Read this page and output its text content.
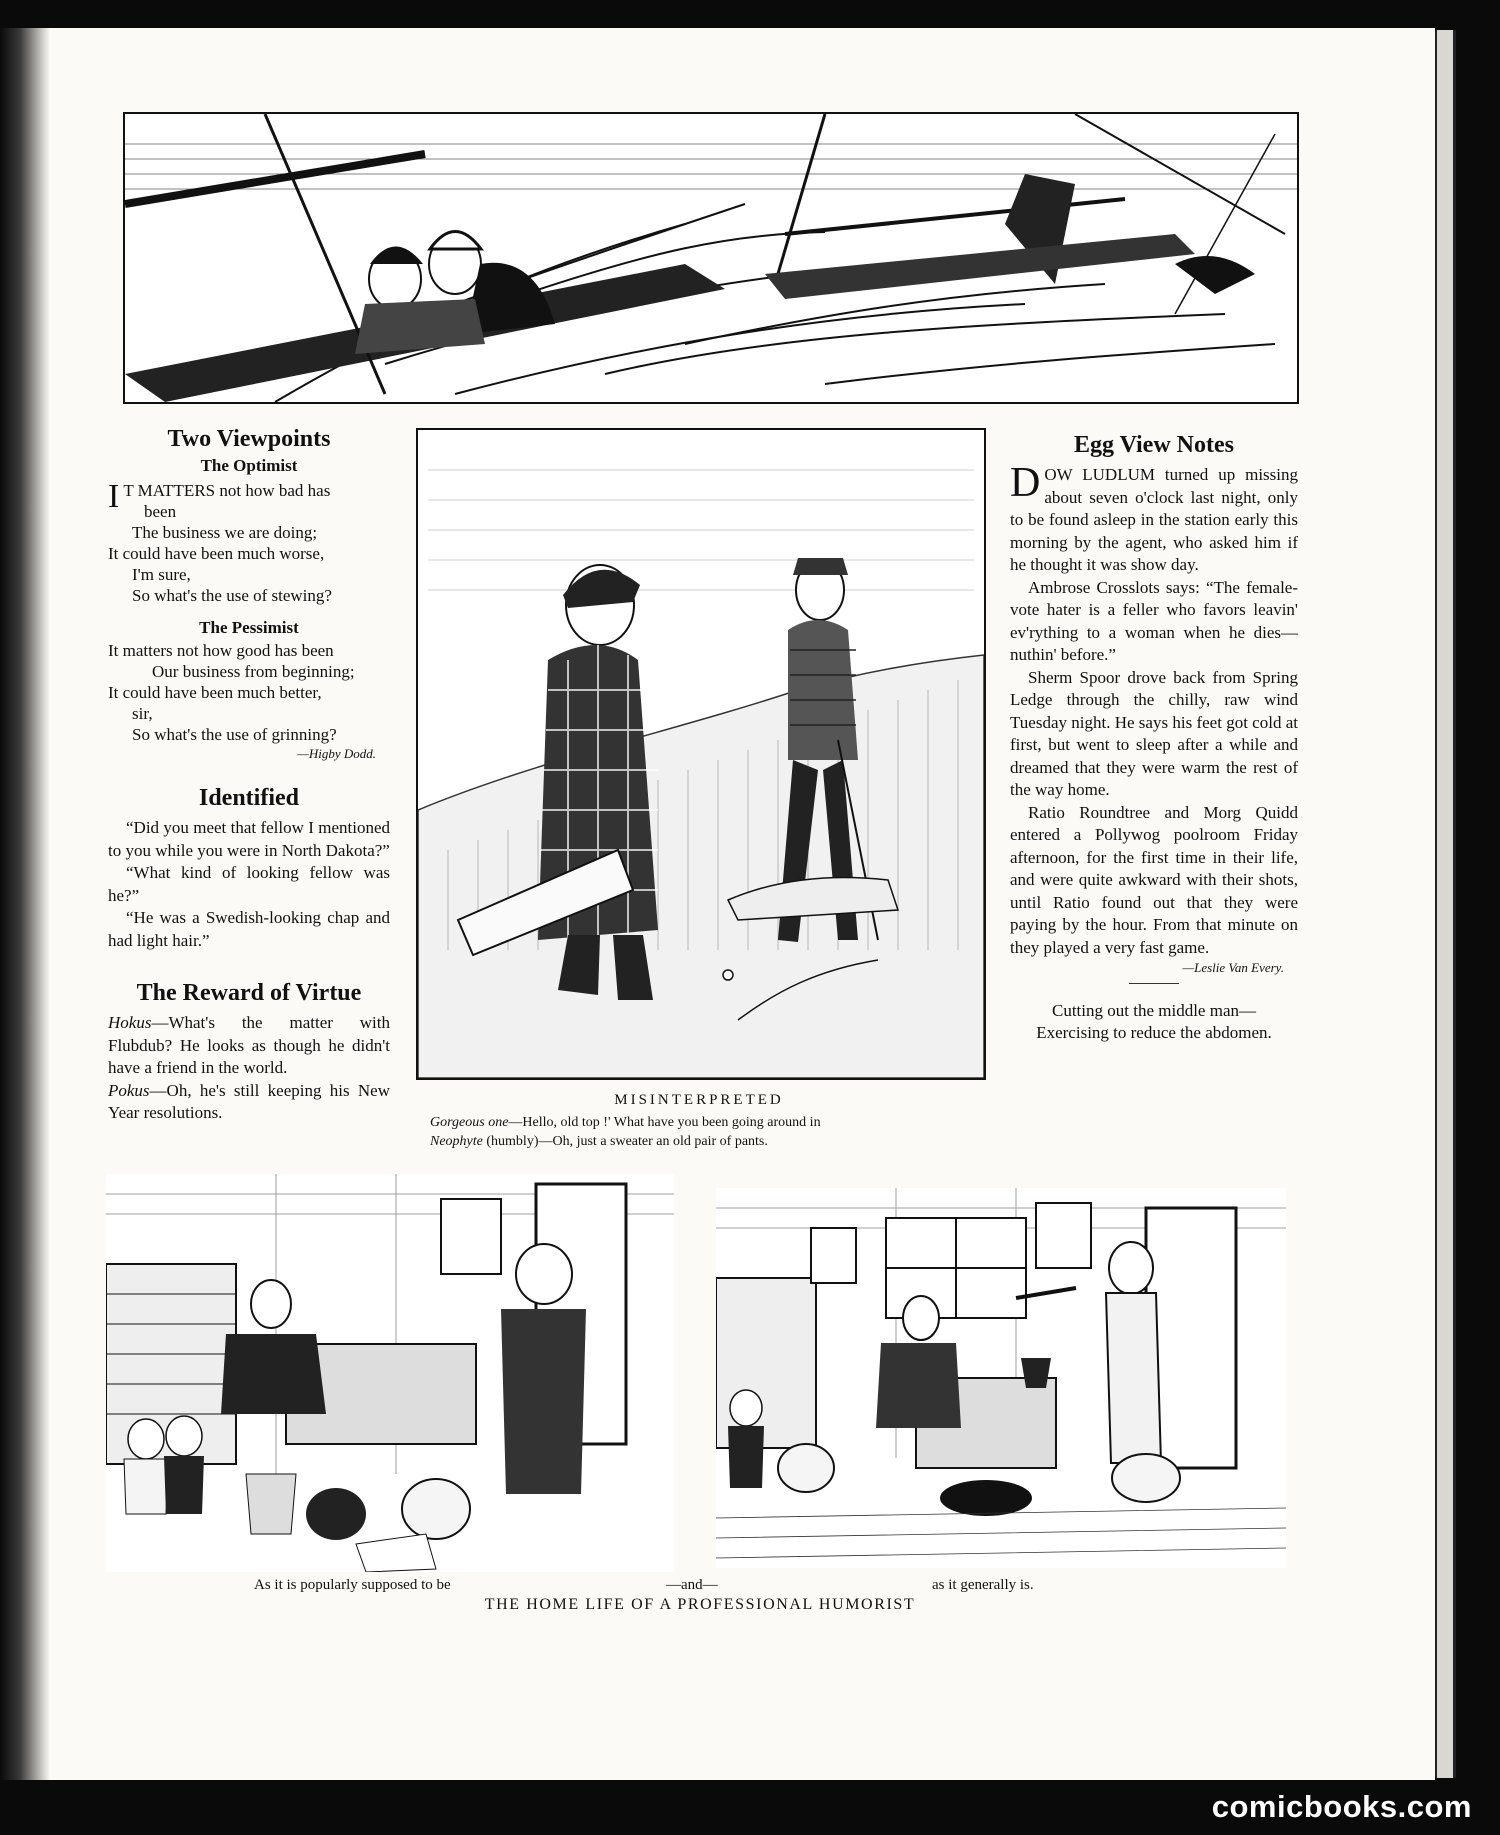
Two Viewpoints
The Optimist
I T MATTERS not how bad has
been
The business we are doing;
It could have been much worse,
I'm sure,
So what's the use of stewing?
The Pessimist
It matters not how good has been
Our business from beginning;
It could have been much better,
sir,
So what's the use of grinning?
—Higby Dodd.
Identified

“Did you meet that fellow I mentioned to you while you were in North Dakota?”

“What kind of looking fellow was he?”

“He was a Swedish-looking chap and had light hair.”

The Reward of Virtue

Hokus—What's the matter with Flubdub? He looks as though he didn't have a friend in the world.

Pokus—Oh, he's still keeping his New Year resolutions.

MISINTERPRETED
Gorgeous one—Hello, old top !' What have you been going around in
Neophyte (humbly)—Oh, just a sweater an old pair of pants.
Egg View Notes

DOW LUDLUM turned up missing about seven o'clock last night, only to be found asleep in the station early this morning by the agent, who asked him if he thought it was show day.

Ambrose Crosslots says: “The female-vote hater is a feller who favors leavin' ev'rything to a woman when he dies—nuthin' before.”

Sherm Spoor drove back from Spring Ledge through the chilly, raw wind Tuesday night. He says his feet got cold at first, but went to sleep after a while and dreamed that they were warm the rest of the way home.

Ratio Roundtree and Morg Quidd entered a Pollywog poolroom Friday afternoon, for the first time in their life, and were quite awkward with their shots, until Ratio found out that they were paying by the hour. From that minute on they played a very fast game.

—Leslie Van Every.
Cutting out the middle man—
Exercising to reduce the abdomen.
As it is popularly supposed to be	—and—	as it generally is.
THE HOME LIFE OF A PROFESSIONAL HUMORIST
comicbooks.com
